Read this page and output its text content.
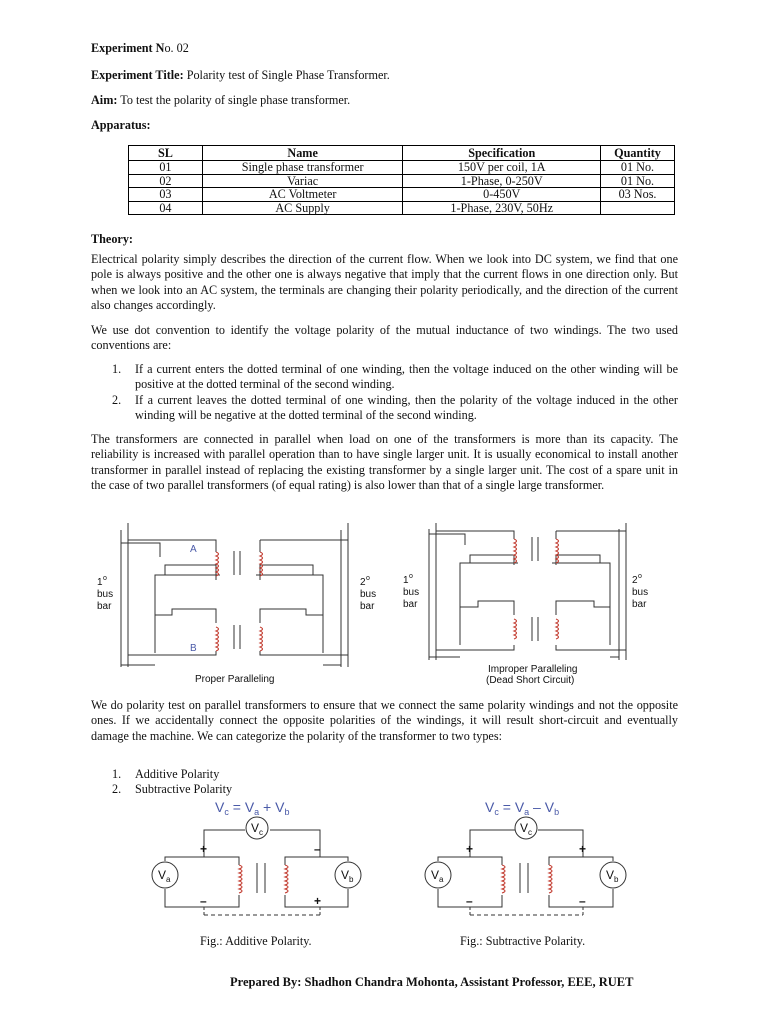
Experiment No. 02
Experiment Title: Polarity test of Single Phase Transformer.
Aim: To test the polarity of single phase transformer.
Apparatus:
SL	Name	Specification	Quantity
01	Single phase transformer	150V per coil, 1A	01 No.
02	Variac	1-Phase, 0-250V	01 No.
03	AC Voltmeter	0-450V	03 Nos.
04	AC Supply	1-Phase, 230V, 50Hz	
Theory:

Electrical polarity simply describes the direction of the current flow. When we look into DC system, we find that one pole is always positive and the other one is always negative that imply that the current flows in one direction only. But when we look into an AC system, the terminals are changing their polarity periodically, and the direction of the current also changes accordingly.

We use dot convention to identify the voltage polarity of the mutual inductance of two windings. The two used conventions are:

1. If a current enters the dotted terminal of one winding, then the voltage induced on the other winding will be positive at the dotted terminal of the second winding.
2. If a current leaves the dotted terminal of one winding, then the polarity of the voltage induced in the other winding will be negative at the dotted terminal of the second winding.

The transformers are connected in parallel when load on one of the transformers is more than its capacity. The reliability is increased with parallel operation than to have single larger unit. It is usually economical to install another transformer in parallel instead of replacing the existing transformer by a single larger unit. The cost of a spare unit in the case of two parallel transformers (of equal rating) is also lower than that of a single large transformer.

A
B
1 o
bus
bar
2 o
bus
bar
Proper Paralleling
1 o
bus
bar
2 o
bus
bar
Improper Paralleling
(Dead Short Circuit)

We do polarity test on parallel transformers to ensure that we connect the same polarity windings and not the opposite ones. If we accidentally connect the opposite polarities of the windings, it will result short-circuit and eventually damage the machine. We can categorize the polarity of the transformer to two types:

1. Additive Polarity
2. Subtractive Polarity
$V_c = V_a + V_b$	$V_c = V_a - V_b$
$V_c$
$V_a$	$V_b$
+	–
–	+
$V_c$
$V_a$	$V_b$
+	+
–	–
Fig.: Additive Polarity.	Fig.: Subtractive Polarity.
Prepared By: Shadhon Chandra Mohonta, Assistant Professor, EEE, RUET
